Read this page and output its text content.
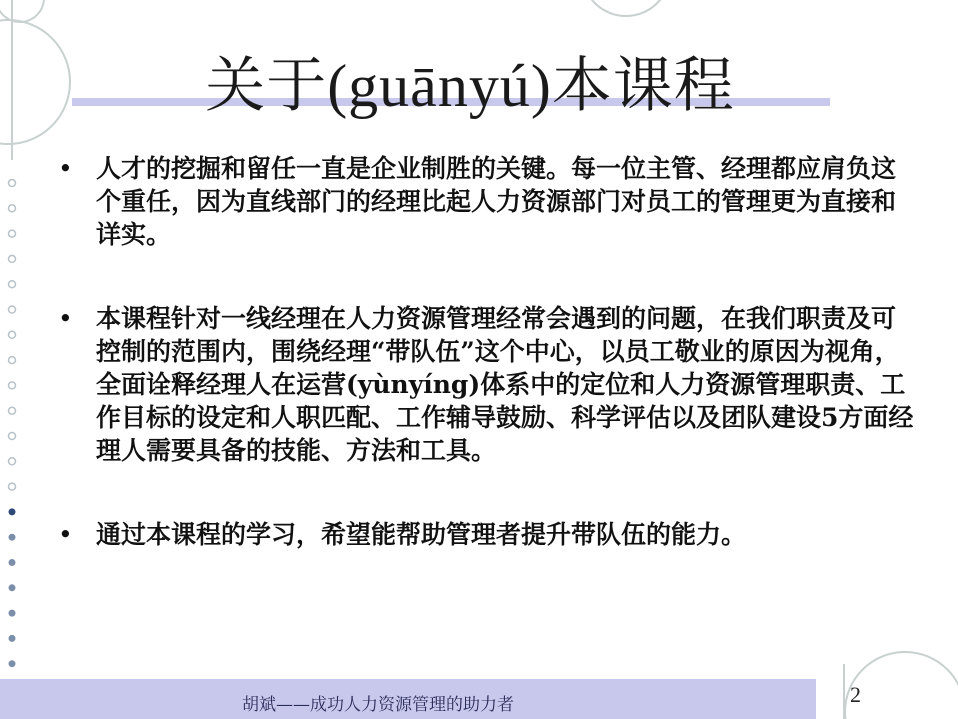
关于(guānyú)本课程
• 人才的挖掘和留任一直是企业制胜的关键。每一位主管、经理都应肩负这个重任，因为直线部门的经理比起人力资源部门对员工的管理更为直接和详实。
• 本课程针对一线经理在人力资源管理经常会遇到的问题，在我们职责及可控制的范围内，围绕经理“带队伍”这个中心，以员工敬业的原因为视角，全面诠释经理人在运营(yùnyíng)体系中的定位和人力资源管理职责、工作目标的设定和人职匹配、工作辅导鼓励、科学评估以及团队建设5方面经理人需要具备的技能、方法和工具。
• 通过本课程的学习，希望能帮助管理者提升带队伍的能力。
胡斌——成功人力资源管理的助力者	2
